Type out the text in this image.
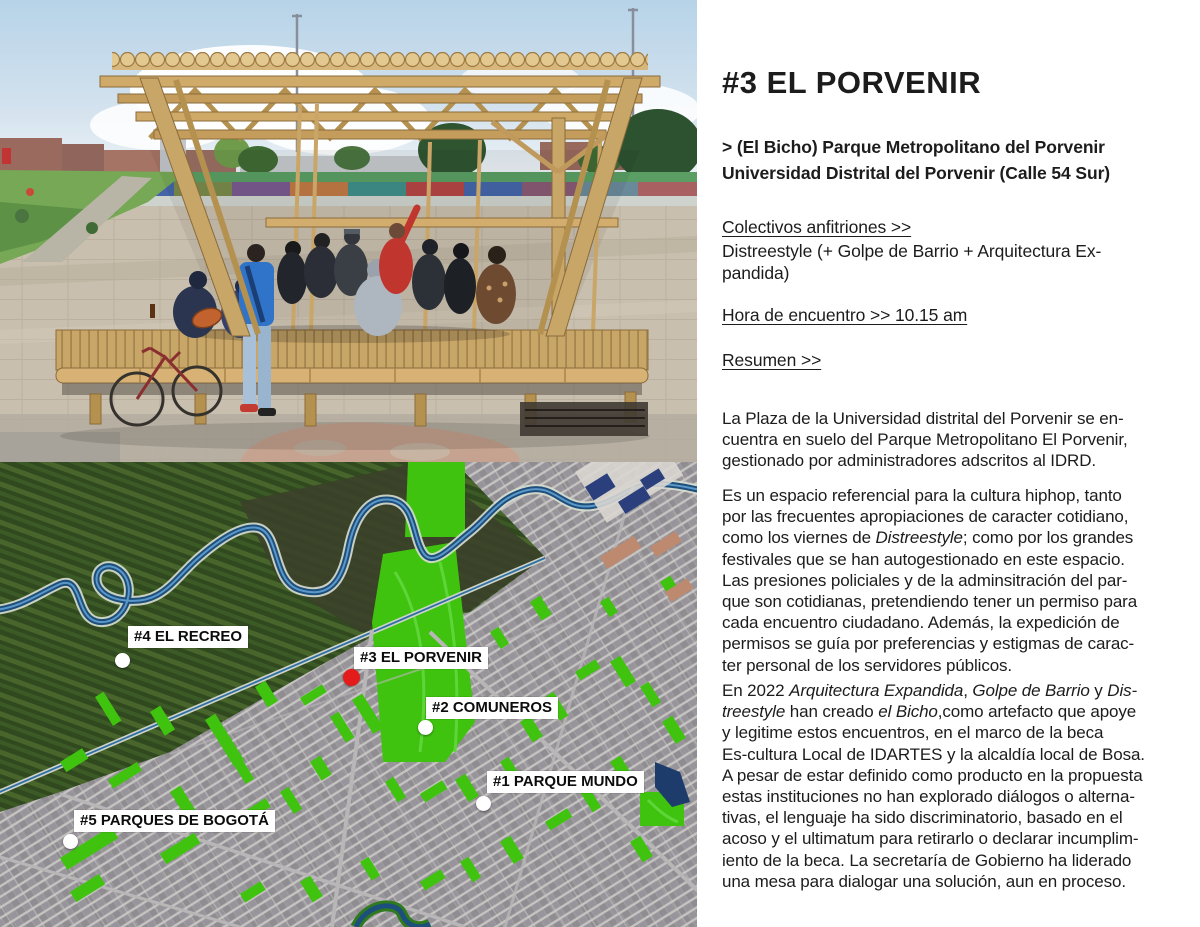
#4 EL RECREO
#3 EL PORVENIR
#2 COMUNEROS
#1 PARQUE MUNDO
#5 PARQUES DE BOGOTÁ
#3 EL PORVENIR
> (El Bicho) Parque Metropolitano del Porvenir
Universidad Distrital del Porvenir (Calle 54 Sur)
Colectivos anfitriones >>
Distreestyle (+ Golpe de Barrio + Arquitectura Ex-
pandida)
Hora de encuentro >> 10.15 am
Resumen >>

La Plaza de la Universidad distrital del Porvenir se en-
cuentra en suelo del Parque Metropolitano El Porvenir,
gestionado por administradores adscritos al IDRD.

Es un espacio referencial para la cultura hiphop, tanto
por las frecuentes apropiaciones de caracter cotidiano,
como los viernes de Distreestyle; como por los grandes
festivales que se han autogestionado en este espacio.
Las presiones policiales y de la adminsitración del par-
que son cotidianas, pretendiendo tener un permiso para
cada encuentro ciudadano. Además, la expedición de
permisos se guía por preferencias y estigmas de carac-
ter personal de los servidores públicos.

En 2022 Arquitectura Expandida, Golpe de Barrio y Dis-
treestyle han creado el Bicho,como artefacto que apoye
y legitime estos encuentros, en el marco de la beca
Es-cultura Local de IDARTES y la alcaldía local de Bosa.
A pesar de estar definido como producto en la propuesta
estas instituciones no han explorado diálogos o alterna-
tivas, el lenguaje ha sido discriminatorio, basado en el
acoso y el ultimatum para retirarlo o declarar incumplim-
iento de la beca. La secretaría de Gobierno ha liderado
una mesa para dialogar una solución, aun en proceso.
